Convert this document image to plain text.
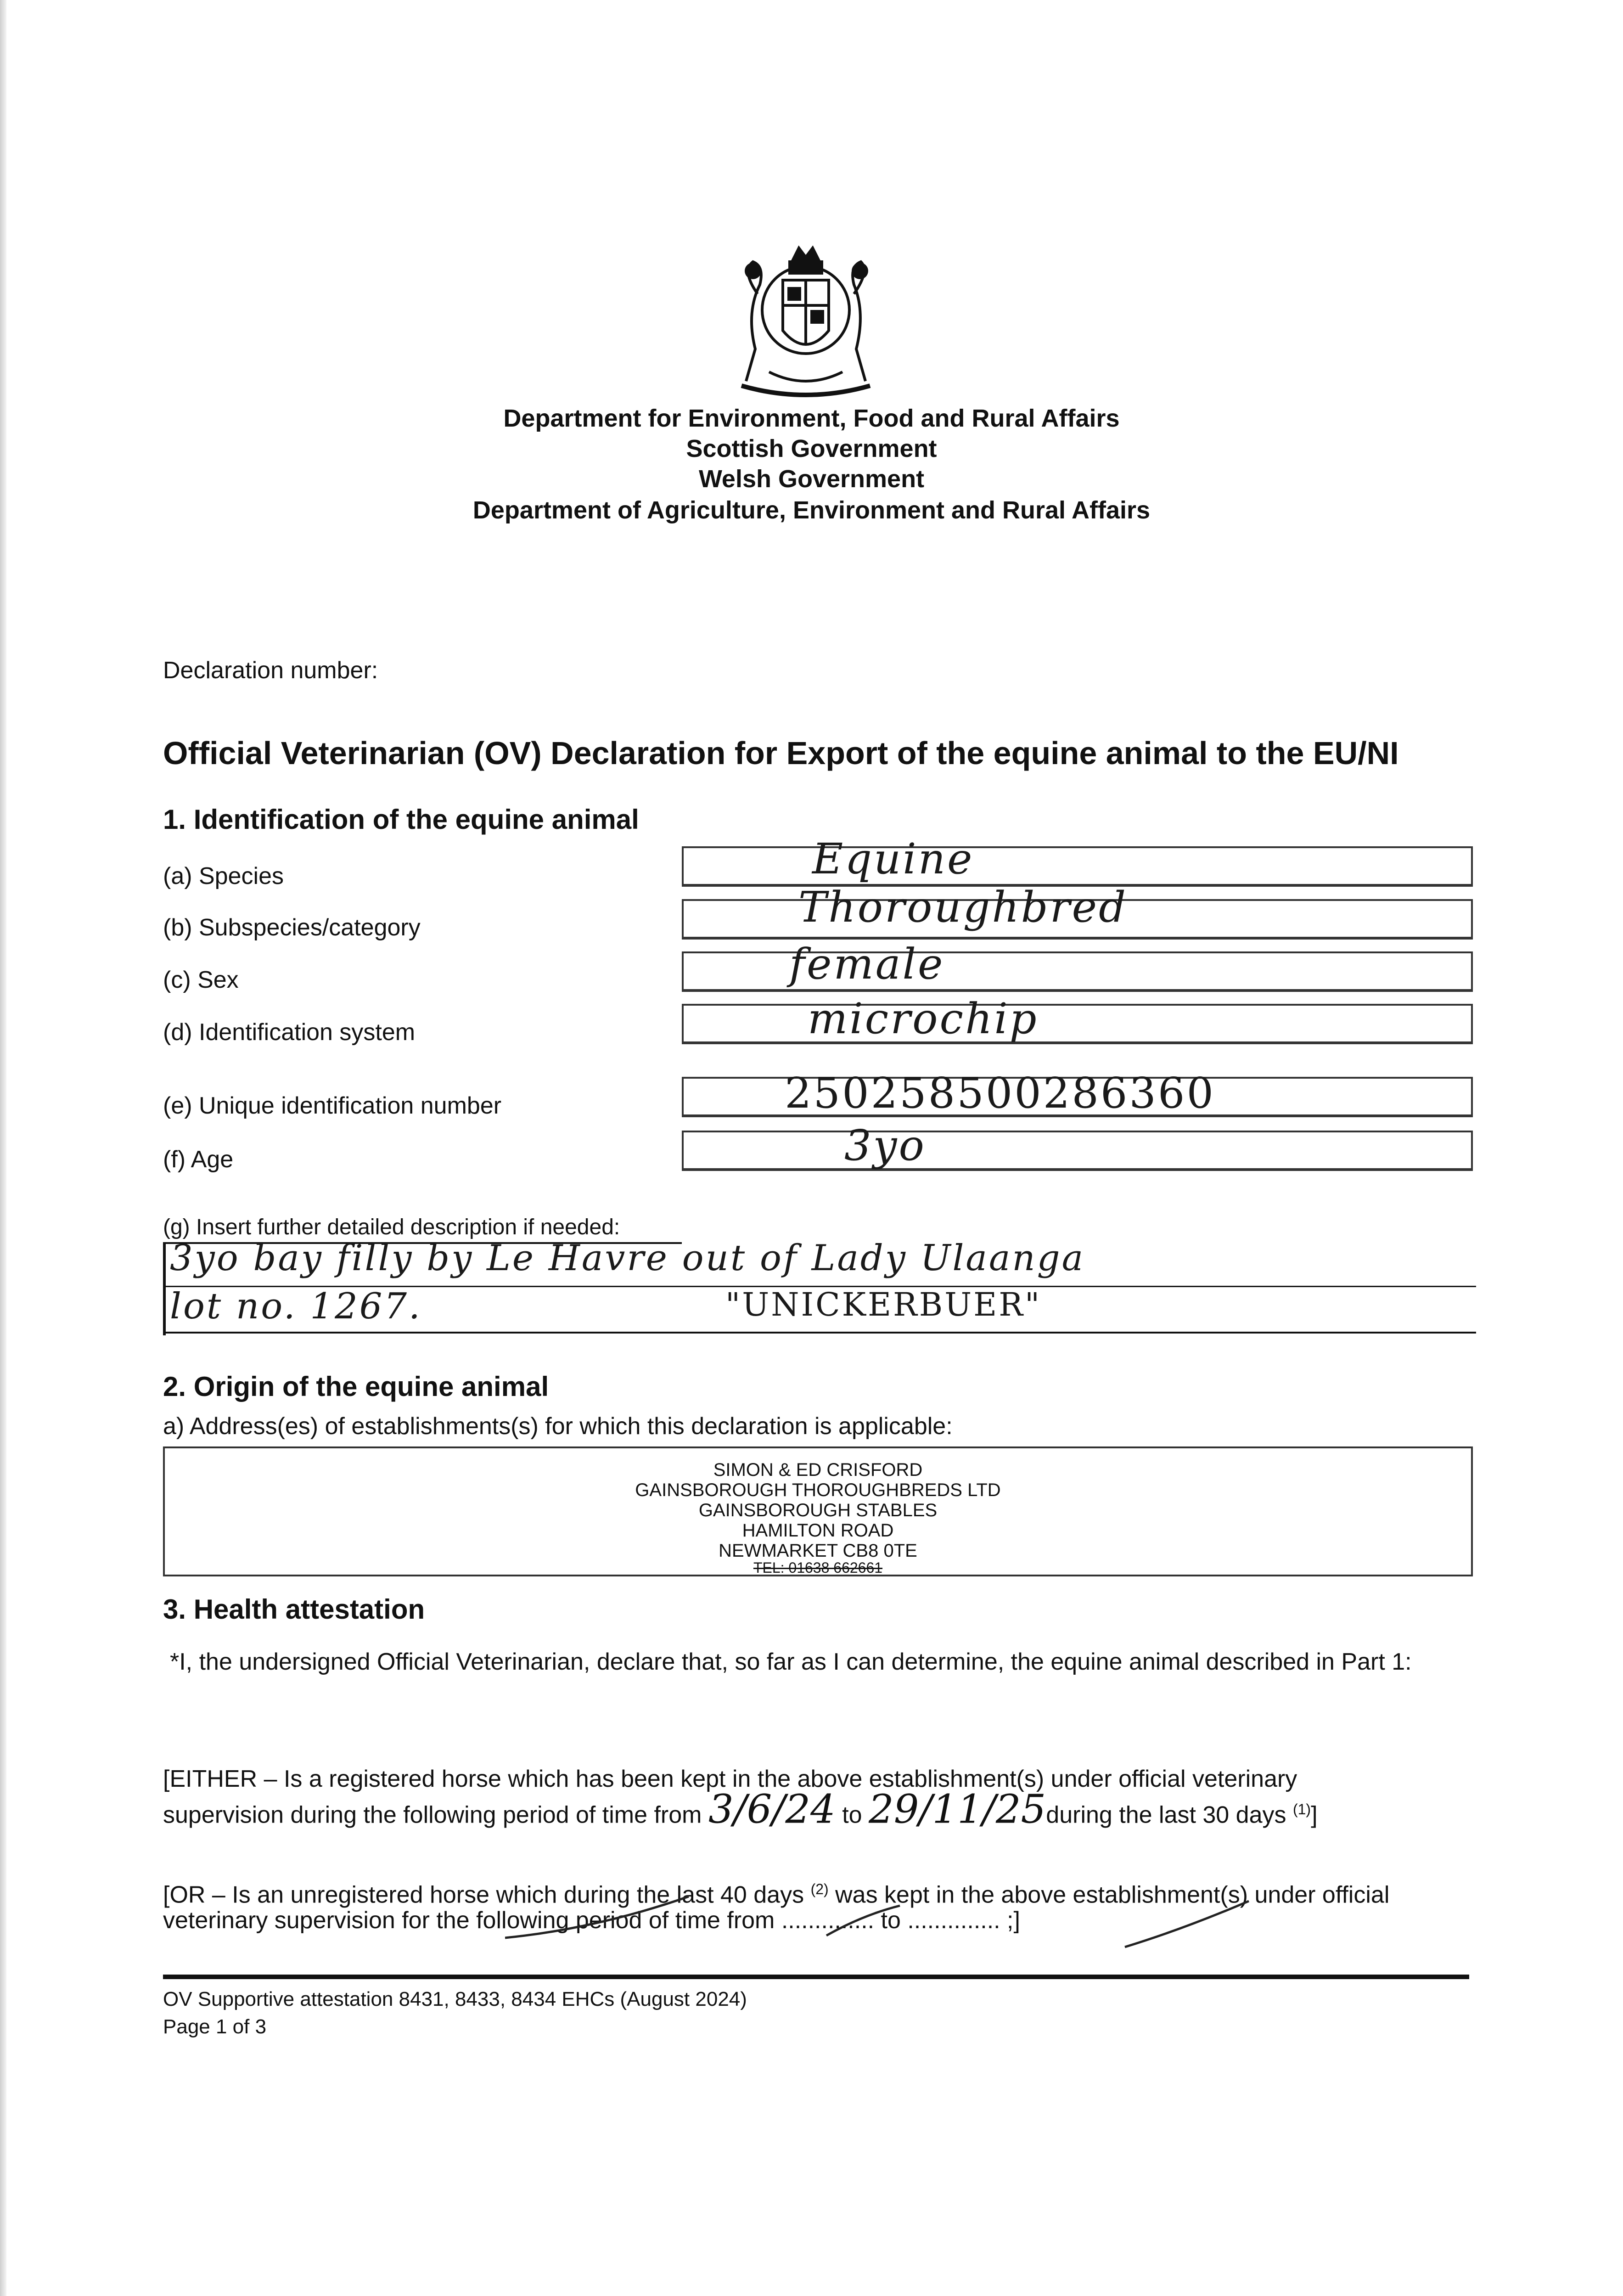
Department for Environment, Food and Rural Affairs
Scottish Government
Welsh Government
Department of Agriculture, Environment and Rural Affairs
Declaration number:
Official Veterinarian (OV) Declaration for Export of the equine animal to the EU/NI
1. Identification of the equine animal
(a) Species	Equine
(b) Subspecies/category	Thoroughbred
(c) Sex	female
(d) Identification system	microchip
(e) Unique identification number	250258500286360
(f) Age	3yo
(g) Insert further detailed description if needed:
3yo bay filly by Le Havre out of Lady Ulaanga
lot no. 1267.	"UNICKERBUER"
2. Origin of the equine animal
a) Address(es) of establishments(s) for which this declaration is applicable:
SIMON & ED CRISFORD
GAINSBOROUGH THOROUGHBREDS LTD
GAINSBOROUGH STABLES
HAMILTON ROAD
NEWMARKET CB8 0TE
TEL: 01638 662661
3. Health attestation
*I, the undersigned Official Veterinarian, declare that, so far as I can determine, the equine animal described in Part 1:
[EITHER – Is a registered horse which has been kept in the above establishment(s) under official veterinary
supervision during the following period of time from 3/6/24 to 29/11/25during the last 30 days $^{(1)}$]
[OR – Is an unregistered horse which during the last 40 days $^{(2)}$ was kept in the above establishment(s) under official
veterinary supervision for the following period of time from .............. to .............. ;]
OV Supportive attestation 8431, 8433, 8434 EHCs (August 2024)
Page 1 of 3
